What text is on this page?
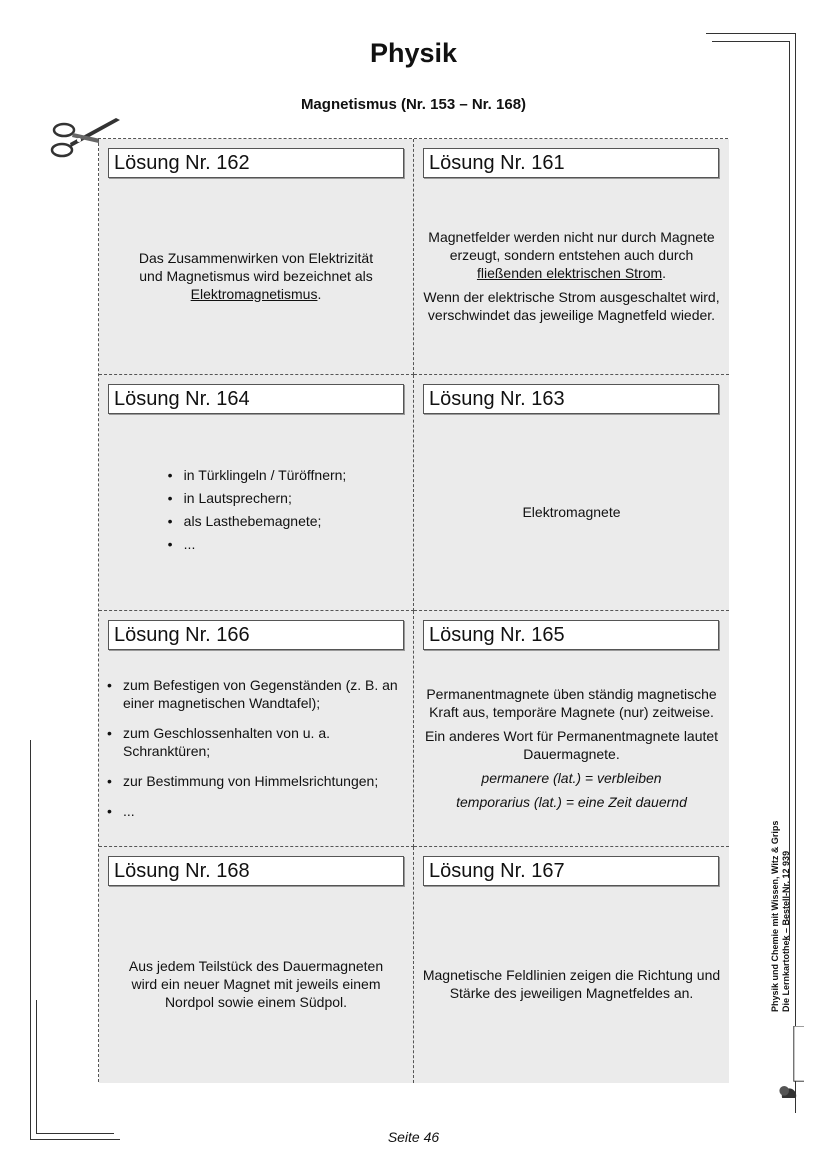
Physik
Magnetismus (Nr. 153 – Nr. 168)
Lösung Nr. 162

Das Zusammenwirken von Elektrizität und Magnetismus wird bezeichnet als Elektromagnetismus.

Lösung Nr. 161

Magnetfelder werden nicht nur durch Magnete erzeugt, sondern entstehen auch durch fließenden elektrischen Strom.

Wenn der elektrische Strom ausgeschaltet wird, verschwindet das jeweilige Magnetfeld wieder.

Lösung Nr. 164
• in Türklingeln / Türöffnern;
• in Lautsprechern;
• als Lasthebemagnete;
• ...
Lösung Nr. 163

Elektromagnete

Lösung Nr. 166
• zum Befestigen von Gegenständen (z. B. an einer magnetischen Wandtafel);
• zum Geschlossenhalten von u. a. Schranktüren;
• zur Bestimmung von Himmelsrichtungen;
• ...
Lösung Nr. 165

Permanentmagnete üben ständig magnetische Kraft aus, temporäre Magnete (nur) zeitweise.

Ein anderes Wort für Permanentmagnete lautet Dauermagnete.

permanere (lat.) = verbleiben

temporarius (lat.) = eine Zeit dauernd

Lösung Nr. 168

Aus jedem Teilstück des Dauermagneten wird ein neuer Magnet mit jeweils einem Nordpol sowie einem Südpol.

Lösung Nr. 167

Magnetische Feldlinien zeigen die Richtung und Stärke des jeweiligen Magnetfeldes an.	Physik und Chemie mit Wissen, Witz & Grips Die Lernkartothek – Bestell-Nr. 12 939
Seite 46
